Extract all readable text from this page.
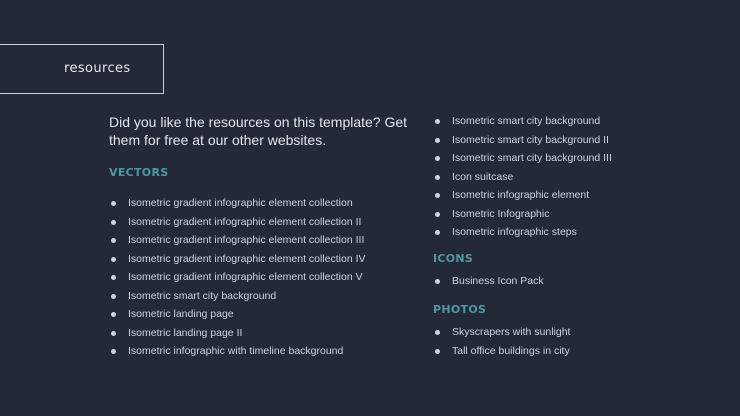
resources
Did you like the resources on this template? Get them for free at our other websites.
VECTORS
Isometric gradient infographic element collection
Isometric gradient infographic element collection II
Isometric gradient infographic element collection III
Isometric gradient infographic element collection IV
Isometric gradient infographic element collection V
Isometric smart city background
Isometric landing page
Isometric landing page II
Isometric infographic with timeline background
Isometric smart city background
Isometric smart city background II
Isometric smart city background III
Icon suitcase
Isometric infographic element
Isometric Infographic
Isometric infographic steps
ICONS
Business Icon Pack
PHOTOS
Skyscrapers with sunlight
Tall office buildings in city
